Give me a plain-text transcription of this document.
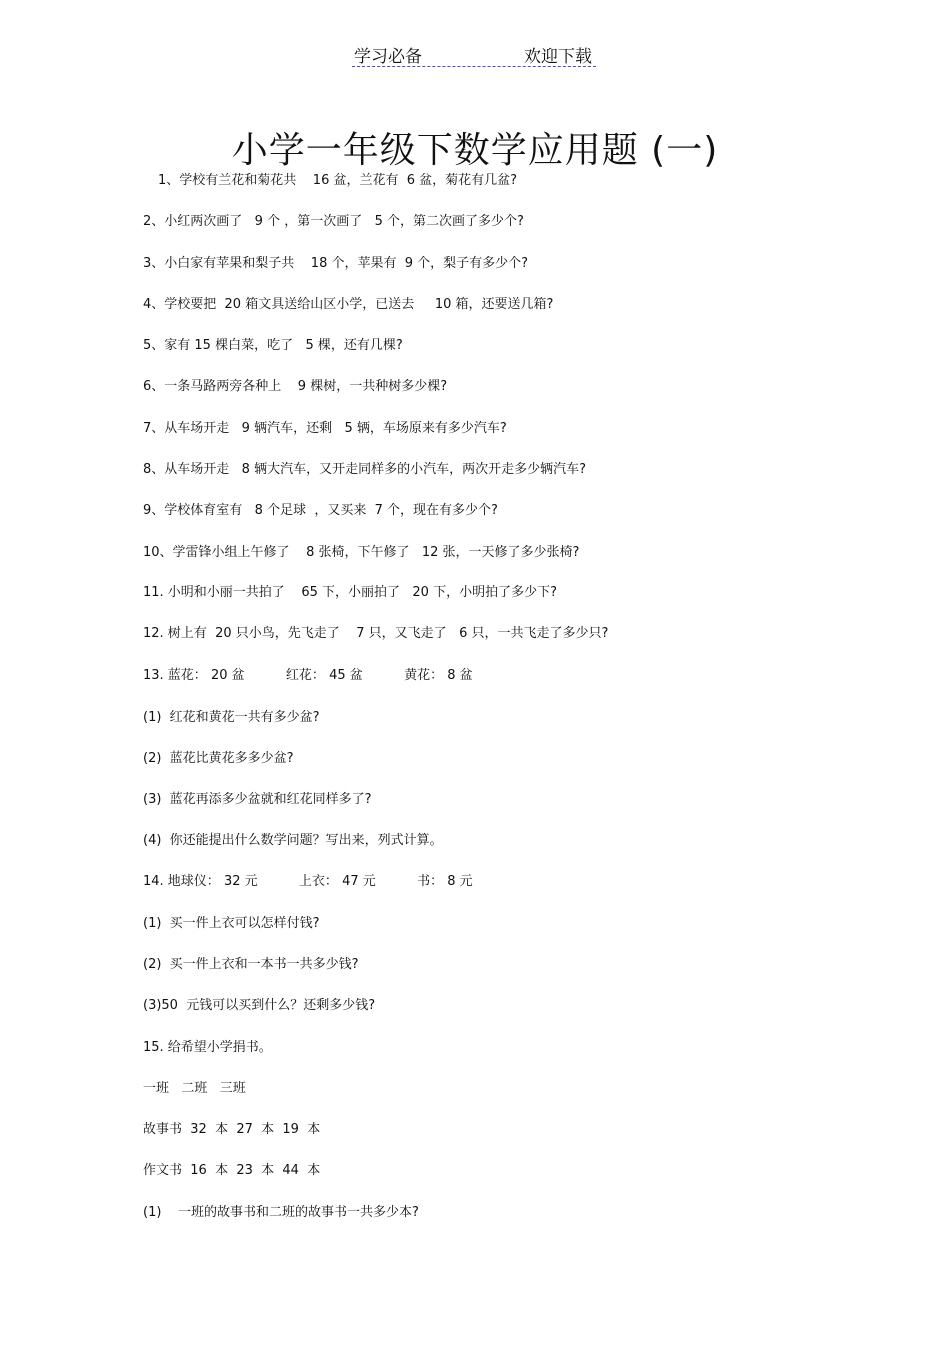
学习必备	欢迎下载
小学一年级下数学应用题 (一)
1、学校有兰花和菊花共    16 盆，兰花有  6 盆，菊花有几盆?
2、小红两次画了   9 个 ，第一次画了   5 个，第二次画了多少个?
3、小白家有苹果和梨子共    18 个，苹果有  9 个，梨子有多少个?
4、学校要把  20 箱文具送给山区小学，已送去     10 箱，还要送几箱?
5、家有 15 棵白菜，吃了   5 棵，还有几棵?
6、一条马路两旁各种上    9 棵树，一共种树多少棵?
7、从车场开走   9 辆汽车，还剩   5 辆，车场原来有多少汽车?
8、从车场开走   8 辆大汽车，又开走同样多的小汽车，两次开走多少辆汽车?
9、学校体育室有   8 个足球  ，又买来  7 个，现在有多少个?
10、学雷锋小组上午修了    8 张椅，下午修了   12 张，一天修了多少张椅?
11. 小明和小丽一共拍了    65 下，小丽拍了   20 下，小明拍了多少下?
12. 树上有  20 只小鸟，先飞走了    7 只，又飞走了   6 只，一共飞走了多少只?
13. 蓝花： 20 盆          红花： 45 盆          黄花： 8 盆
(1)  红花和黄花一共有多少盆?
(2)  蓝花比黄花多多少盆?
(3)  蓝花再添多少盆就和红花同样多了?
(4)  你还能提出什么数学问题？写出来，列式计算。
14. 地球仪： 32 元          上衣： 47 元          书： 8 元
(1)  买一件上衣可以怎样付钱?
(2)  买一件上衣和一本书一共多少钱?
(3)50  元钱可以买到什么？还剩多少钱?
15. 给希望小学捐书。
一班   二班   三班
故事书  32  本  27  本  19  本
作文书  16  本  23  本  44  本
(1)    一班的故事书和二班的故事书一共多少本?
